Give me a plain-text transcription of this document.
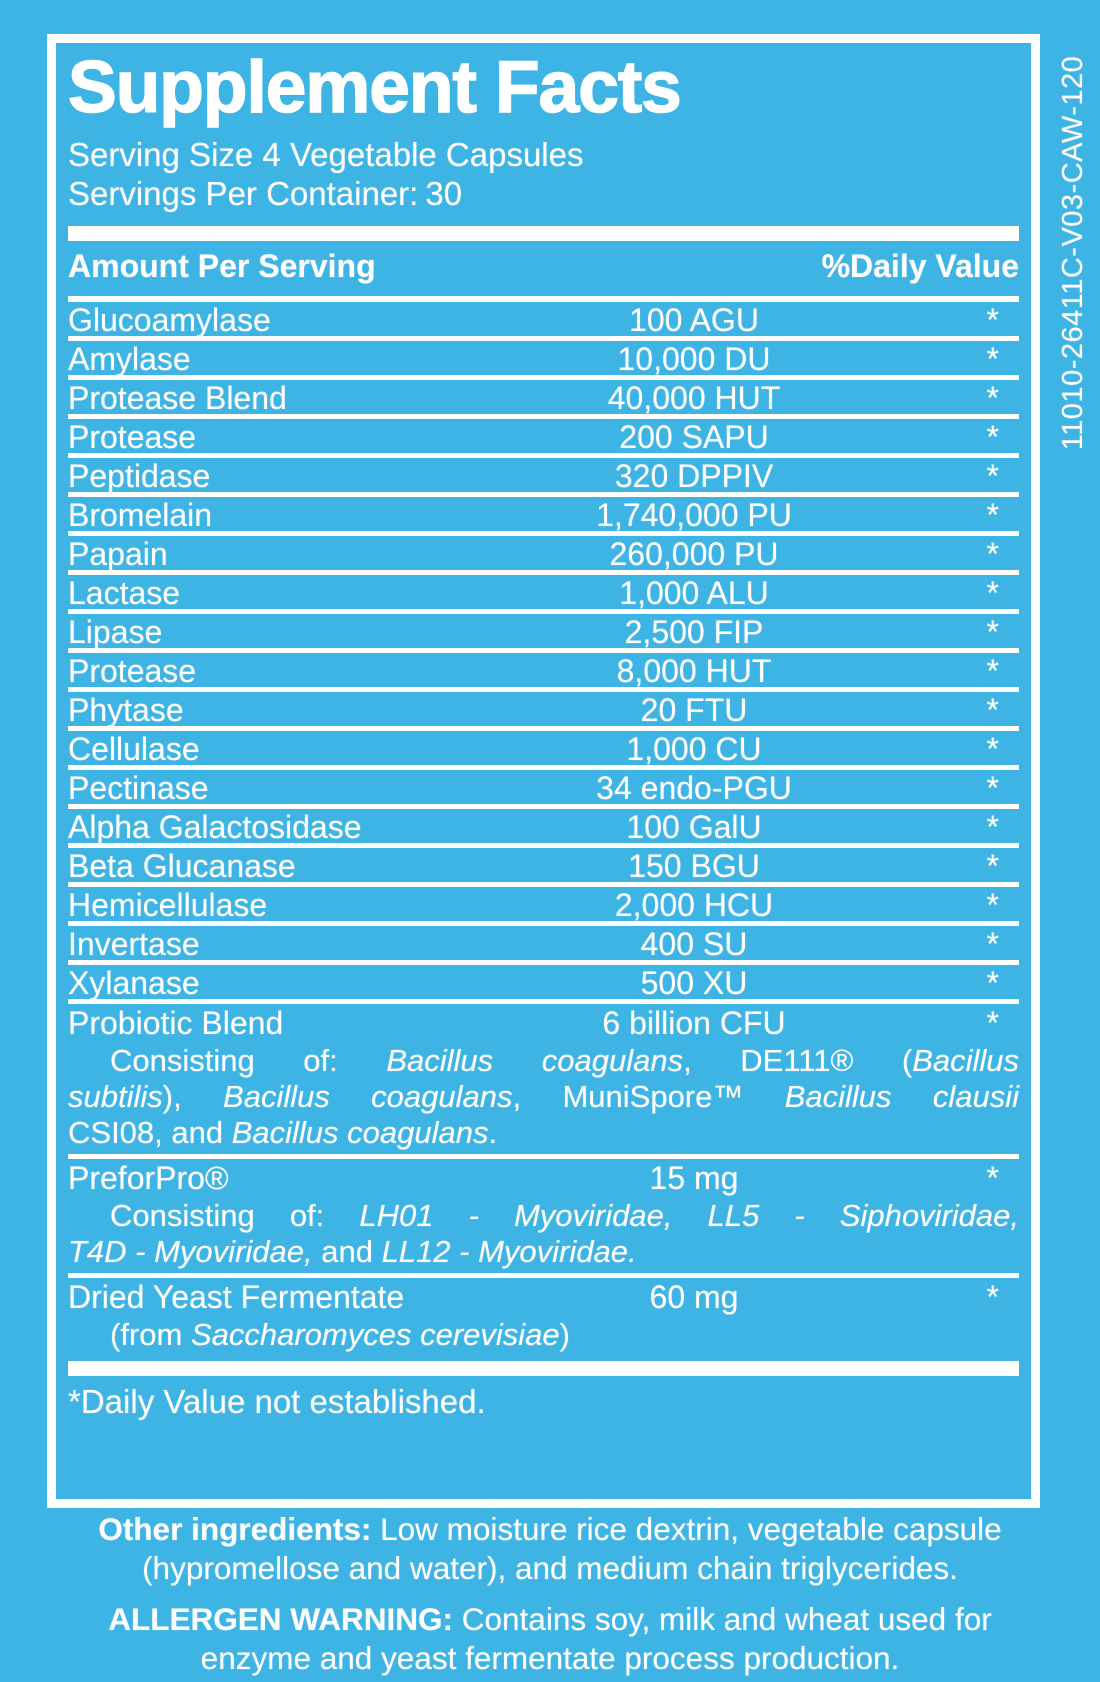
Supplement Facts
Serving Size 4 Vegetable Capsules
Servings Per Container: 30
Amount Per Serving	%Daily Value
Glucoamylase	100 AGU	*
Amylase	10,000 DU	*
Protease Blend	40,000 HUT	*
Protease	200 SAPU	*
Peptidase	320 DPPIV	*
Bromelain	1,740,000 PU	*
Papain	260,000 PU	*
Lactase	1,000 ALU	*
Lipase	2,500 FIP	*
Protease	8,000 HUT	*
Phytase	20 FTU	*
Cellulase	1,000 CU	*
Pectinase	34 endo-PGU	*
Alpha Galactosidase	100 GalU	*
Beta Glucanase	150 BGU	*
Hemicellulase	2,000 HCU	*
Invertase	400 SU	*
Xylanase	500 XU	*
Probiotic Blend	6 billion CFU	*
Consisting of: Bacillus coagulans, DE111® (Bacillus
subtilis), Bacillus coagulans, MuniSpore™ Bacillus clausii
CSI08, and Bacillus coagulans.
PreforPro®	15 mg	*
Consisting of: LH01 - Myoviridae, LL5 - Siphoviridae,
T4D - Myoviridae, and LL12 - Myoviridae.
Dried Yeast Fermentate	60 mg	*
(from Saccharomyces cerevisiae)
*Daily Value not established.
11010-26411C-V03-CAW-120
Other ingredients: Low moisture rice dextrin, vegetable capsule
(hypromellose and water), and medium chain triglycerides.
ALLERGEN WARNING: Contains soy, milk and wheat used for
enzyme and yeast fermentate process production.
